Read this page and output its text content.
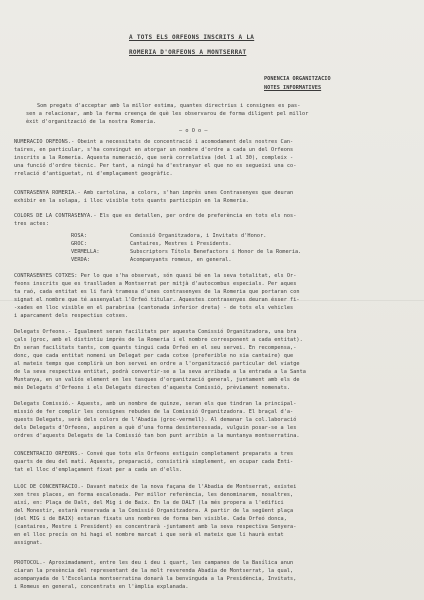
A TOTS ELS ORFEONS INSCRITS A LA
ROMERIA D'ORFEONS A MONTSERRAT
PONENCIA ORGANITZACIO
NOTES INFORMATIVES
Som pregats d'acceptar amb la millor estima, quantes directrius i consignes es pas-
sen a relacionar, amb la ferma creença de què les observarou de forma diligent pel millor
èxit d'organització de la nostra Romeria.
— o O o —
NUMERACIO ORFEONS.- Obeint a necessitats de concentració i acomodament dels nostres Can-
taires, en particular, s'ha convingut en atorgar un nombre d'ordre a cada un del Orfeons
inscrits a la Romeria. Aquesta numeració, que serà correlativa (del 1 al 30), compleix -
una funció d'ordre tècnic. Per tant, a ningú ha d'estranyar el que no es segueixi una co-
rrelació d'antiguetat, ni d'emplaçament geogràfic.
CONTRASENYA ROMERIA.- Amb cartolina, a colors, s'han imprès unes Contrasenyes que deuran
exhibir en la solapa, i lloc visible tots quants participin en la Romeria.
COLORS DE LA CONTRASENYA.- Els que es detallen, per ordre de preferència en tots els nos-
tres actes:
ROSA:	Comissió Organitzadora, i Invitats d'Honor.
GROC:	Cantaires, Mestres i Presidents.
VERMELLA:	Subscriptors Títols Benefactors i Honor de la Romeria.
VERDA:	Acompanyants romeus, en general.
CONTRASENYES COTXES: Per lo que s'ha observat, són quasi bé en la seva totalitat, els Or-
feons inscrits que es traslladen a Montserrat per mitjà d'autocombus especials. Per aques
ta raó, cada entitat es li farà tramesa d'unes contrasenyes de la Romeria que portaran con
signat el nombre que té assenyalat l'Orfeó titular. Aquestes contrasenyes deuran ésser fi-
-xades en lloc visible en el parabrisa (cantonada inferior dreta) - de tots els vehicles
i aparcament dels respectius cotxes.
Delegats Orfeons.- Igualment seran facilitats per aquesta Comissió Organitzadora, una bra
çals (groc, amb el distintiu imprès de la Romeria i el nombre corresponent a cada entitat).
En seran facilitats tants, com quants tingui cada Orfeó en el seu servei. En recompensa,-
donc, que cada entitat nomeni un Delegat per cada cotxe (preferible no sia cantaire) que
al mateix temps que complirà un bon servei en ordre a l'organització particular del viatge
de la seva respectiva entitat, podrà convertir-se a la seva arribada a la entrada a la Santa
Muntanya, en un valiós element en les tasques d'organització general, juntament amb els de
més Delegats d'Orfeons i els Delegats directes d'aquesta Comissió, prèviament nomenats.
Delegats Comissió.- Aquests, amb un nombre de quinze, seran els que tindran la principal-
missió de fer complir les consignes rebudes de la Comissió Organitzadora. El braçal d'a-
quests Delegats, serà dels colors de l'Abadia (groc-vermell). Al demanar la col.laboració
dels Delegats d'Orfeons, aspiren a què d'una forma desinteressada, vulguin posar-se a les
ordres d'aquests Delegats de la Comissió tan bon punt arribin a la muntanya montserratina.
CONCENTRACIO ORFEONS.- Convé que tots els Orfeons estiguin completament preparats a tres
quarts de deu del matí. Aquests, preparació, consistirà simplement, en ocupar cada Enti-
tat el lloc d'emplaçament fixat per a cada un d'ells.
LLOC DE CONCENTRACIO.- Davant mateix de la nova façana de l'Abadia de Montserrat, existei
xen tres places, en forma escalonada. Per millor referència, les denominarem, nosaltres,
així, en: Plaça de Dalt, del Mig i de Baix. En la de DALT (la més propera a l'edifici
del Monestir, estarà reservada a la Comissió Organitzadora. A partir de la següent plaça
(del MIG i de BAIX) estaran fixats uns nombres de forma ben visible. Cada Orfeó donca,
(cantaires, Mestre i President) es concentrarà -juntament amb la seva respectiva Senyera-
en el lloc precís on hi hagi el nombre marcat i que serà el mateix que li haurà estat
assignat.
PROTOCOL.- Aproximadament, entre les deu i deu i quart, les campanes de la Basílica anun
ciaran la presència del representant de la molt reverenda Abadia de Montserrat, la qual,
acompanyada de l'Escolania montserratina donarà la benvinguda a la Presidència, Invitats,
i Romeus en general, concentrats en l'àmplia explanada.
